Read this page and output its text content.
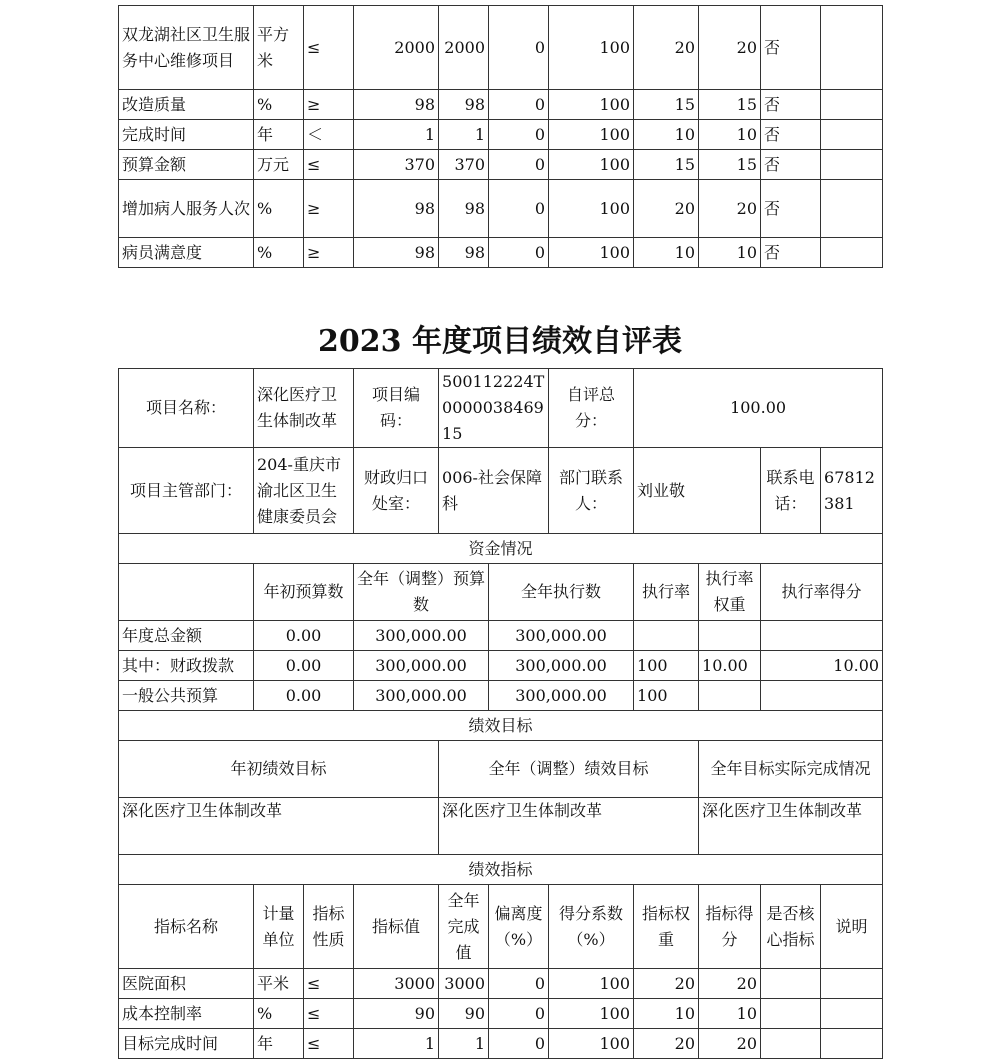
双龙湖社区卫生服务中心维修项目	平方米	≤	2000	2000	0	100	20	20	否	
改造质量	%	≥	98	98	0	100	15	15	否	
完成时间	年	＜	1	1	0	100	10	10	否	
预算金额	万元	≤	370	370	0	100	15	15	否	
增加病人服务人次	%	≥	98	98	0	100	20	20	否	
病员满意度	%	≥	98	98	0	100	10	10	否	
2023 年度项目绩效自评表
项目名称：	深化医疗卫生体制改革		项目编码：	500112224T000003846915		自评总分：	100.00			
项目主管部门：	204-重庆市渝北区卫生健康委员会		财政归口处室：	006-社会保障科		部门联系人：	刘业敬		联系电话：	67812381
资金情况										
	年初预算数		全年（调整）预算数		全年执行数		执行率	执行率权重	执行率得分	
年度总金额	0.00		300,000.00		300,000.00					
其中：财政拨款	0.00		300,000.00		300,000.00		100	10.00	10.00	
一般公共预算	0.00		300,000.00		300,000.00		100			
绩效目标										
年初绩效目标				全年（调整）绩效目标				全年目标实际完成情况		
深化医疗卫生体制改革				深化医疗卫生体制改革				深化医疗卫生体制改革		
绩效指标										
指标名称	计量单位	指标性质	指标值	全年完成值	偏离度（%）	得分系数（%）	指标权重	指标得分	是否核心指标	说明
医院面积	平米	≤	3000	3000	0	100	20	20		
成本控制率	%	≤	90	90	0	100	10	10		
目标完成时间	年	≤	1	1	0	100	20	20		
